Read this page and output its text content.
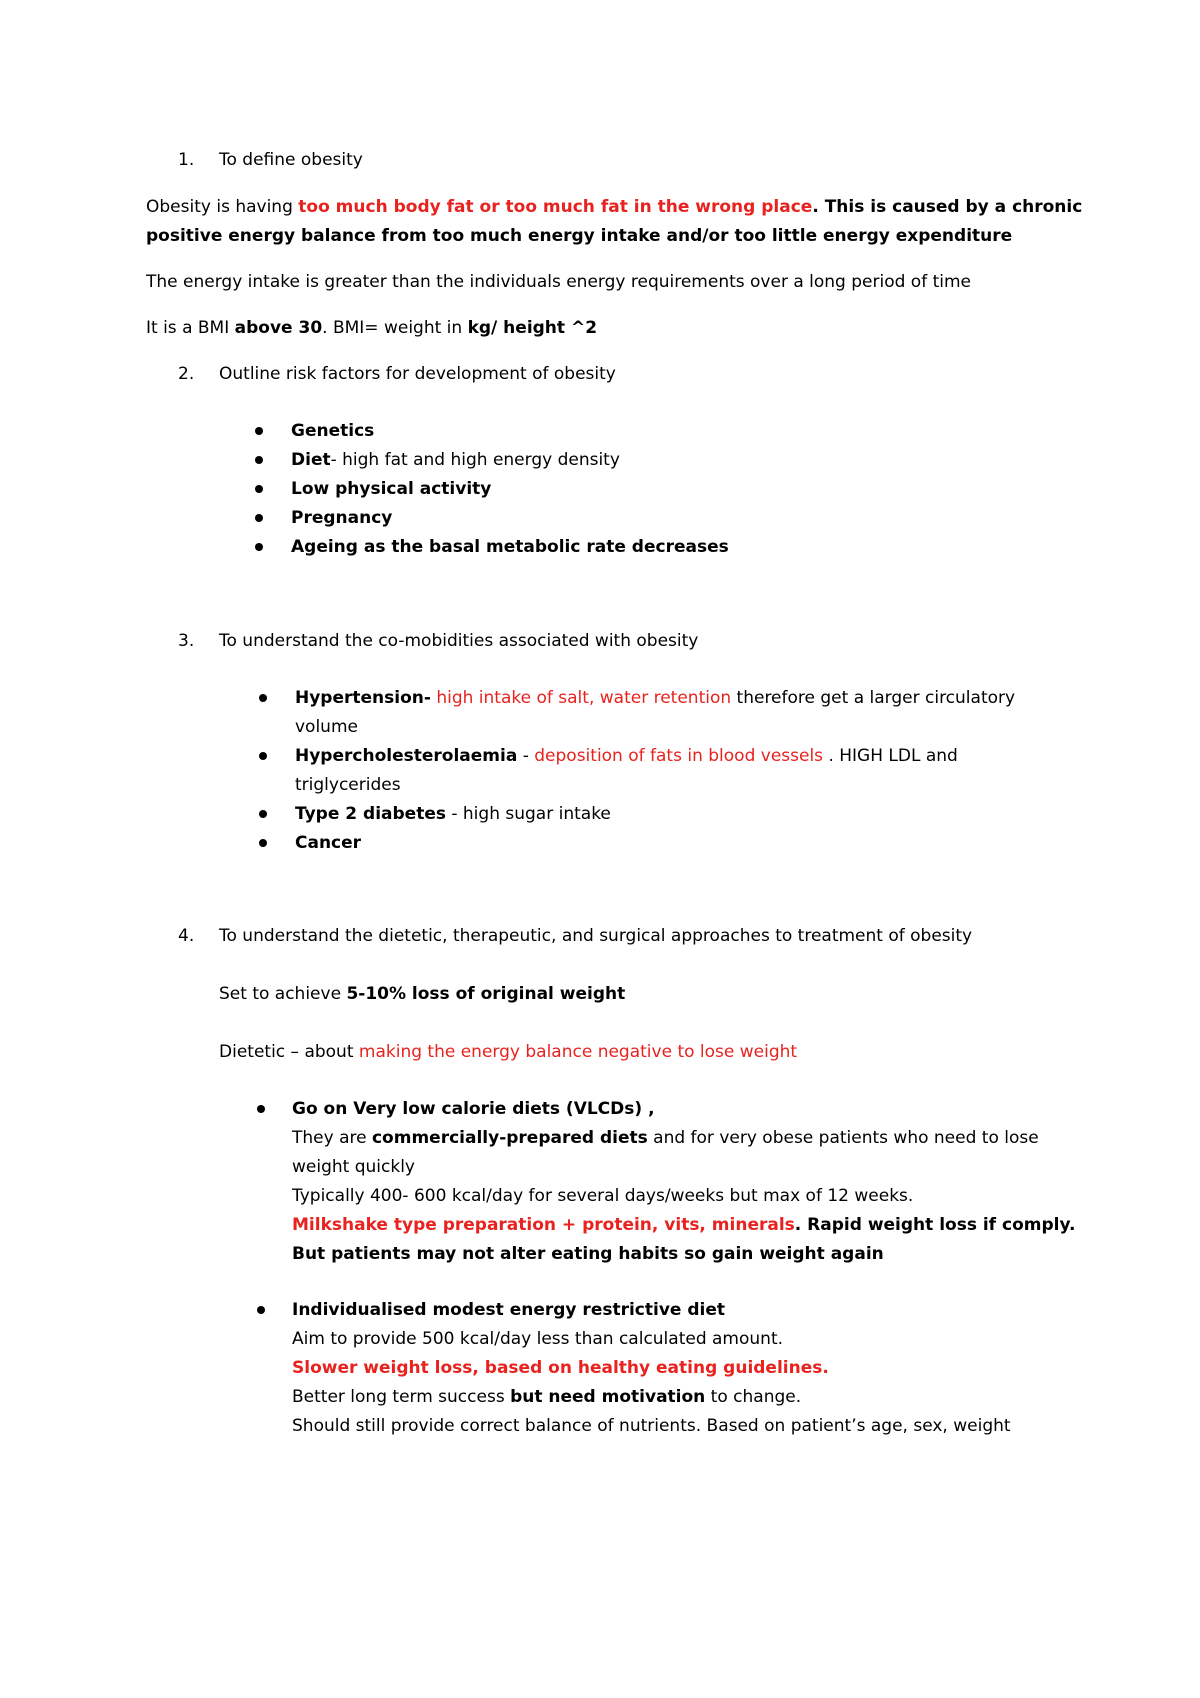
1. To define obesity
Obesity is having too much body fat or too much fat in the wrong place. This is caused by a chronic
positive energy balance from too much energy intake and/or too little energy expenditure
The energy intake is greater than the individuals energy requirements over a long period of time
It is a BMI above 30. BMI= weight in kg/ height ^2
2. Outline risk factors for development of obesity
Genetics
Diet- high fat and high energy density
Low physical activity
Pregnancy
Ageing as the basal metabolic rate decreases
3. To understand the co-mobidities associated with obesity
Hypertension- high intake of salt, water retention therefore get a larger circulatory
volume
Hypercholesterolaemia - deposition of fats in blood vessels . HIGH LDL and
triglycerides
Type 2 diabetes - high sugar intake
Cancer
4. To understand the dietetic, therapeutic, and surgical approaches to treatment of obesity
Set to achieve 5-10% loss of original weight
Dietetic – about making the energy balance negative to lose weight
Go on Very low calorie diets (VLCDs) ,
They are commercially-prepared diets and for very obese patients who need to lose
weight quickly
Typically 400- 600 kcal/day for several days/weeks but max of 12 weeks.
Milkshake type preparation + protein, vits, minerals. Rapid weight loss if comply.
But patients may not alter eating habits so gain weight again
Individualised modest energy restrictive diet
Aim to provide 500 kcal/day less than calculated amount.
Slower weight loss, based on healthy eating guidelines.
Better long term success but need motivation to change.
Should still provide correct balance of nutrients. Based on patient’s age, sex, weight
